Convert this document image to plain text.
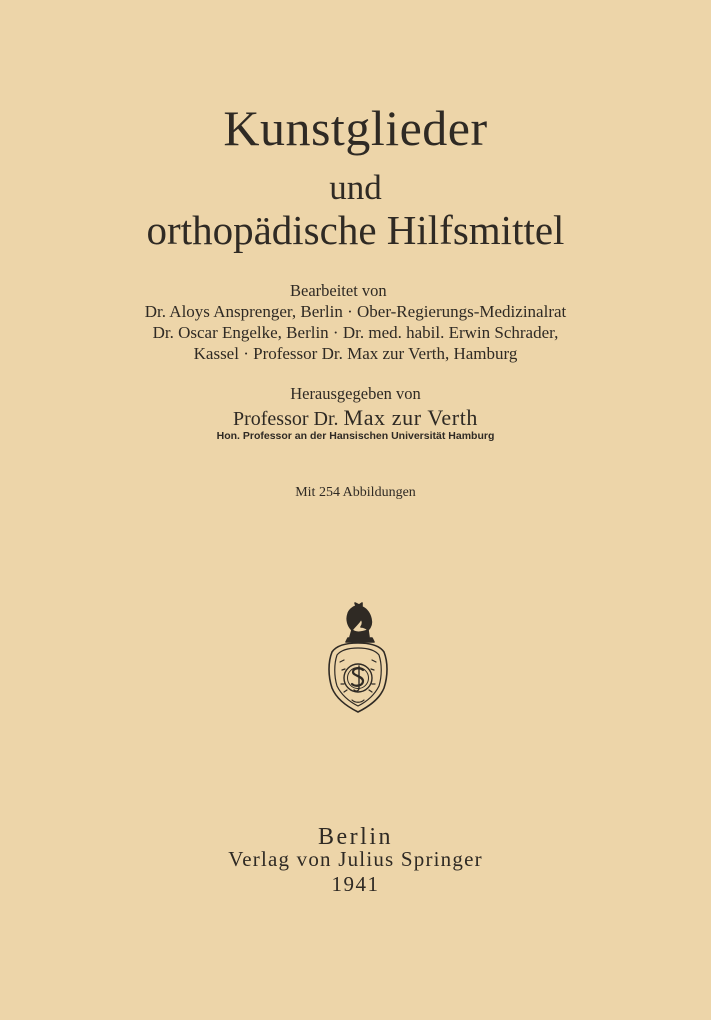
Kunstglieder
und
orthopädische Hilfsmittel
Bearbeitet von
Dr. Aloys Ansprenger, Berlin · Ober-Regierungs-Medizinalrat
Dr. Oscar Engelke, Berlin · Dr. med. habil. Erwin Schrader,
Kassel · Professor Dr. Max zur Verth, Hamburg
Herausgegeben von
Professor Dr. Max zur Verth
Hon. Professor an der Hansischen Universität Hamburg
Mit 254 Abbildungen
Berlin
Verlag von Julius Springer
1941
